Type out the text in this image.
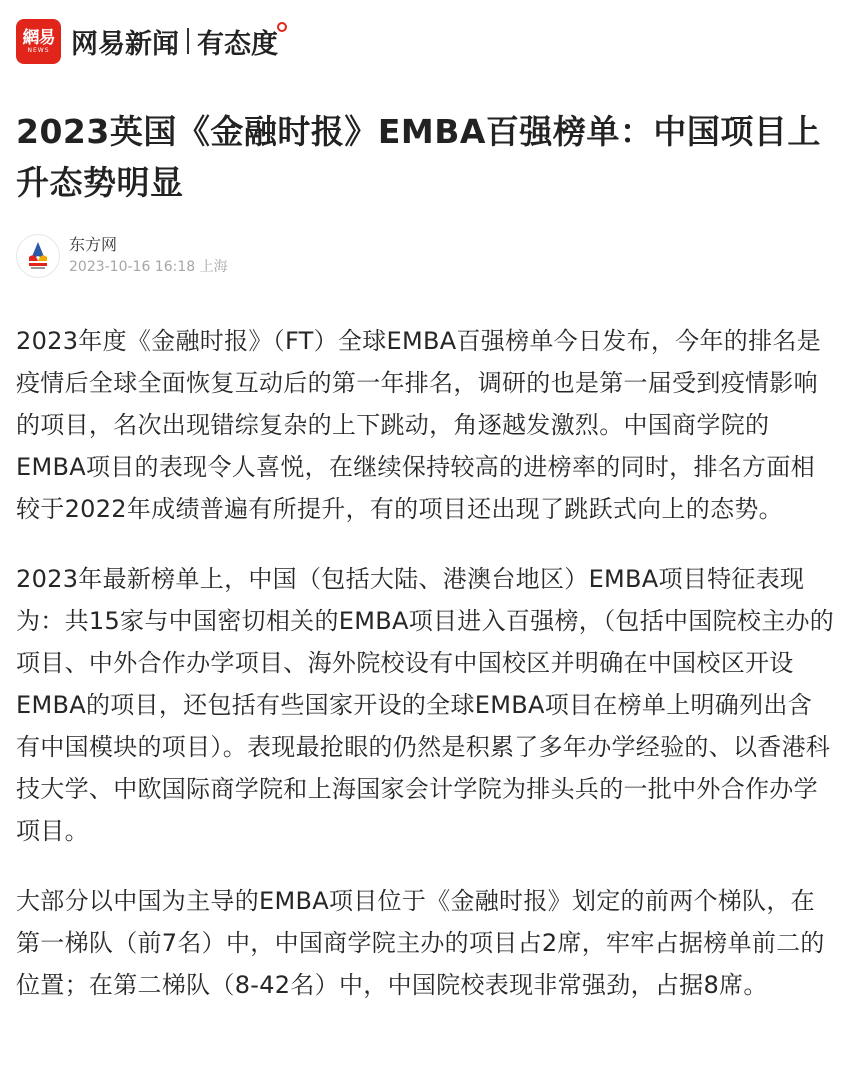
網易
NEWS 网易新闻 有态度
2023英国《金融时报》EMBA百强榜单：中国项目上升态势明显
东方网
2023-10-16 16:18 上海

2023年度《金融时报》（FT）全球EMBA百强榜单今日发布，今年的排名是疫情后全球全面恢复互动后的第一年排名，调研的也是第一届受到疫情影响的项目，名次出现错综复杂的上下跳动，角逐越发激烈。中国商学院的EMBA项目的表现令人喜悦，在继续保持较高的进榜率的同时，排名方面相较于2022年成绩普遍有所提升，有的项目还出现了跳跃式向上的态势。

2023年最新榜单上，中国（包括大陆、港澳台地区）EMBA项目特征表现为：共15家与中国密切相关的EMBA项目进入百强榜，（包括中国院校主办的项目、中外合作办学项目、海外院校设有中国校区并明确在中国校区开设EMBA的项目，还包括有些国家开设的全球EMBA项目在榜单上明确列出含有中国模块的项目）。表现最抢眼的仍然是积累了多年办学经验的、以香港科技大学、中欧国际商学院和上海国家会计学院为排头兵的一批中外合作办学项目。

大部分以中国为主导的EMBA项目位于《金融时报》划定的前两个梯队，在第一梯队（前7名）中，中国商学院主办的项目占2席，牢牢占据榜单前二的位置；在第二梯队（8-42名）中，中国院校表现非常强劲，占据8席。
